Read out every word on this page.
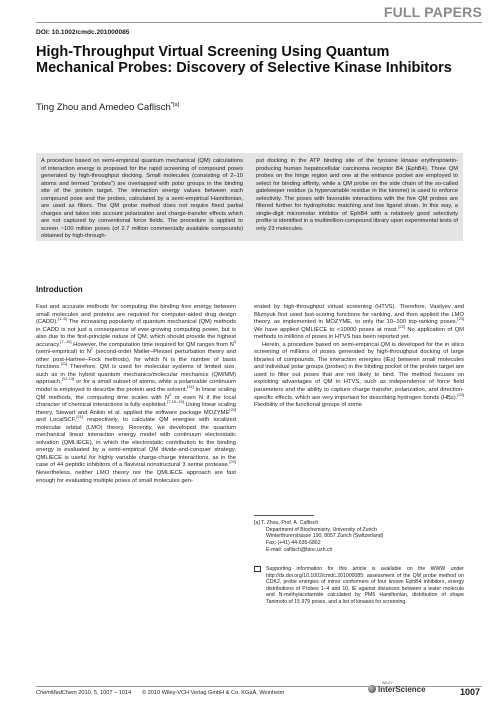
FULL PAPERS
DOI: 10.1002/cmdc.201000085
High-Throughput Virtual Screening Using Quantum Mechanical Probes: Discovery of Selective Kinase Inhibitors
Ting Zhou and Amedeo Caflisch$^{*[a]}$
A procedure based on semi-empirical quantum mechanical (QM) calculations of interaction energy is proposed for the rapid screening of compound poses generated by high-throughput docking. Small molecules (consisting of 2–10 atoms and termed “probes”) are overlapped with polar groups in the binding site of the protein target. The interaction energy values between each compound pose and the probes, calculated by a semi-empirical Hamiltonian, are used as filters. The QM probe method does not require fixed partial charges and takes into account polarization and charge-transfer effects which are not captured by conventional force fields. The procedure is applied to screen ~100 million poses (of 2.7 million commercially available compounds) obtained by high-through-
put docking in the ATP binding site of the tyrosine kinase erythropoietin-producing human hepatocellular carcinoma receptor B4 (EphB4). Three QM probes on the hinge region and one at the entrance pocket are employed to select for binding affinity, while a QM probe on the side chain of the so-called gatekeeper residue (a hypervariable residue in the kinome) is used to enforce selectivity. The poses with favorable interactions with the five QM probes are filtered further for hydrophobic matching and low ligand strain. In this way, a single-digit micromolar inhibitor of EphB4 with a relatively good selectivity profile is identified in a multimillion-compound library upon experimental tests of only 23 molecules.
Introduction

Fast and accurate methods for computing the binding free energy between small molecules and proteins are required for computer-aided drug design (CADD).[1–6] The increasing popularity of quantum mechanical (QM) methods in CADD is not just a consequence of ever-growing computing power, but is also due to the first-principle nature of QM, which should provide the highest accuracy.[7–10] However, the computation time required for QM ranges from $N^3$ (semi-empirical) to $N^7$ (second-order Møller–Plesset perturbation theory and other post-Hartree–Fock methods), for which N is the number of basis functions.[11] Therefore, QM is used for molecular systems of limited size, such as in the hybrid quantum mechanics/molecular mechanics (QM/MM) approach,[12,13] or for a small subset of atoms, while a polarizable continuum model is employed to describe the protein and the solvent.[14] In linear scaling QM methods, the computing time scales with $N^2$ or even N if the local character of chemical interactions is fully exploited.[7,15–19] Using linear scaling theory, Stewart and Anikin et al. applied the software package MOZYME[20] and LocalSCF,[21] respectively, to calculate QM energies with localized molecular orbital (LMO) theory. Recently, we developed the quantum mechanical linear interaction energy model with continuum electrostatic solvation (QMLIECE), in which the electrostatic contribution to the binding energy is evaluated by a semi-empirical QM divide-and-conquer strategy. QMLIECE is useful for highly variable charge-charge interactions, as in the case of 44 peptidic inhibitors of a flaviviral nonstructural 3 serine protease.[22] Nevertheless, neither LMO theory nor the QMLIECE approach are fast enough for evaluating multiple poses of small molecules gen-

erated by high-throughput virtual screening (HTVS). Therefore, Vasilyev and Bliznyuk first used fast-scoring functions for ranking, and then applied the LMO theory, as implemented in MOZYME, to only the 10–100 top-ranking poses.[23] We have applied QMLIECE to <10000 poses at most.[22] No application of QM methods to millions of poses in HTVS has been reported yet.

Herein, a procedure based on semi-empirical QM is developed for the in silico screening of millions of poses generated by high-throughput docking of large libraries of compounds. The interaction energies (IEs) between small molecules and individual polar groups (probes) in the binding pocket of the protein target are used to filter out poses that are not likely to bind. The method focuses on exploiting advantages of QM in HTVS, such as independence of force field parameters and the ability to capture charge transfer, polarization, and direction-specific effects, which are very important for describing hydrogen bonds (HBs).[24] Flexibility of the functional groups of some

[a] T. Zhou, Prof. A. Caflisch
Department of Biochemistry, University of Zurich
Winterthurerstrasse 190, 8057 Zurich (Switzerland)
Fax: (+41) 44-635-6862
E-mail: caflisch@bioc.uzh.ch
Supporting information for this article is available on the WWW under http://dx.doi.org/10.1002/cmdc.201000085: assessment of the QM probe method on CDK2, probe energies of minor conformers of four known EphB4 inhibitors, energy distributions of Probes 1–4 and 10, IE against distances between a water molecule and N-methylacetamide calculated by PM6 Hamiltonian, distribution of shape Tanimoto of 15 979 poses, and a list of kinases for screening.
ChemMedChem 2010, 5, 1007 – 1014 © 2010 Wiley-VCH Verlag GmbH & Co. KGaA, Weinheim
WILEY
InterScience	1007
